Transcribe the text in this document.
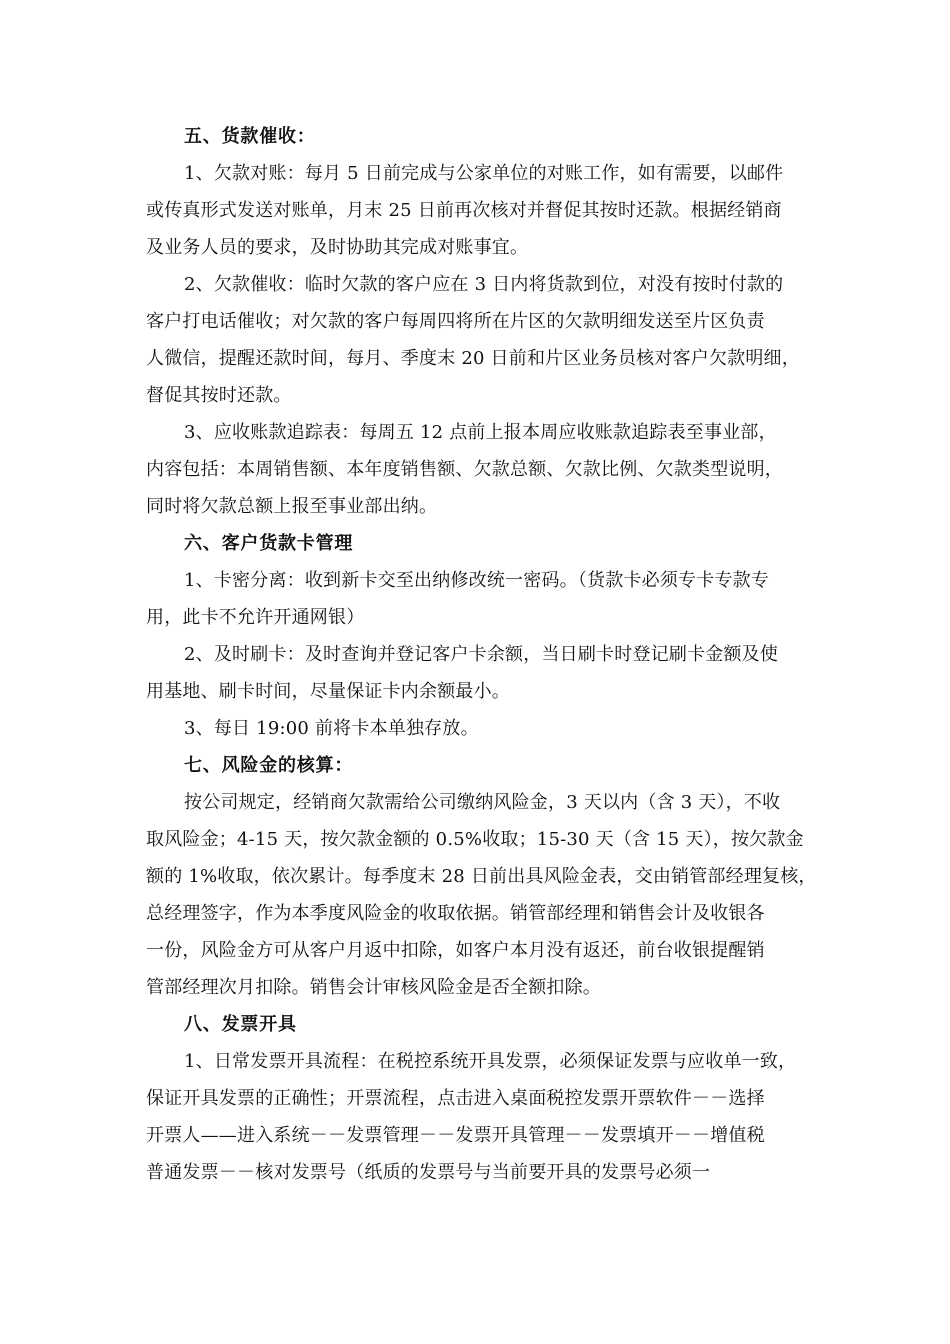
五、货款催收：
1、欠款对账：每月 5 日前完成与公家单位的对账工作，如有需要，以邮件
或传真形式发送对账单，月末 25 日前再次核对并督促其按时还款。根据经销商
及业务人员的要求，及时协助其完成对账事宜。
2、欠款催收：临时欠款的客户应在 3 日内将货款到位，对没有按时付款的
客户打电话催收；对欠款的客户每周四将所在片区的欠款明细发送至片区负责
人微信，提醒还款时间，每月、季度末 20 日前和片区业务员核对客户欠款明细，
督促其按时还款。
3、应收账款追踪表：每周五 12 点前上报本周应收账款追踪表至事业部，
内容包括：本周销售额、本年度销售额、欠款总额、欠款比例、欠款类型说明，
同时将欠款总额上报至事业部出纳。
六、客户货款卡管理
1、卡密分离：收到新卡交至出纳修改统一密码。（货款卡必须专卡专款专
用，此卡不允许开通网银）
2、及时刷卡：及时查询并登记客户卡余额，当日刷卡时登记刷卡金额及使
用基地、刷卡时间，尽量保证卡内余额最小。
3、每日 19:00 前将卡本单独存放。
七、风险金的核算：
按公司规定，经销商欠款需给公司缴纳风险金，3 天以内（含 3 天），不收
取风险金；4-15 天，按欠款金额的 0.5%收取；15-30 天（含 15 天），按欠款金
额的 1%收取，依次累计。每季度末 28 日前出具风险金表，交由销管部经理复核，
总经理签字，作为本季度风险金的收取依据。销管部经理和销售会计及收银各
一份，风险金方可从客户月返中扣除，如客户本月没有返还，前台收银提醒销
管部经理次月扣除。销售会计审核风险金是否全额扣除。
八、发票开具
1、日常发票开具流程：在税控系统开具发票，必须保证发票与应收单一致，
保证开具发票的正确性；开票流程，点击进入桌面税控发票开票软件－－选择
开票人——进入系统－－发票管理－－发票开具管理－－发票填开－－增值税
普通发票－－核对发票号（纸质的发票号与当前要开具的发票号必须一
